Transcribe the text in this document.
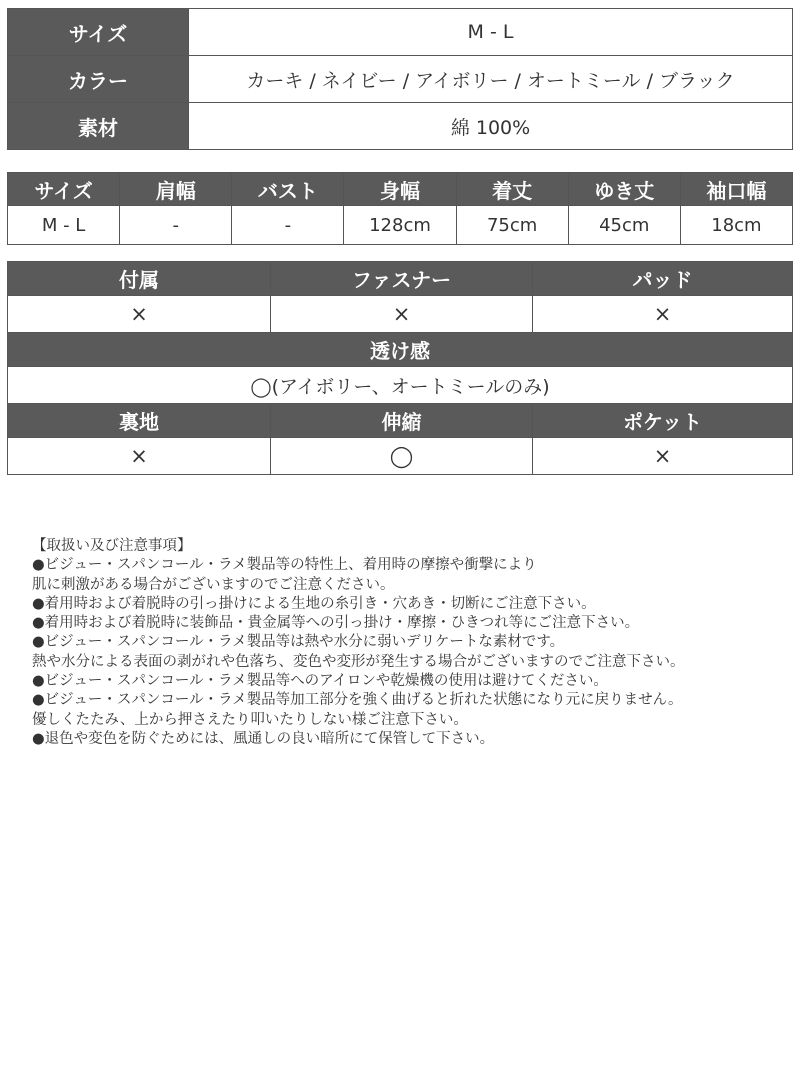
サイズ	M - L
カラー	カーキ / ネイビー / アイボリー / オートミール / ブラック
素材	綿 100%
サイズ	肩幅	バスト	身幅	着丈	ゆき丈	袖口幅
M - L	-	-	128cm	75cm	45cm	18cm
付属	ファスナー	パッド
×	×	×
透け感		
◯(アイボリー、オートミールのみ)		
裏地	伸縮	ポケット
×	◯	×
【取扱い及び注意事項】
●ビジュー・スパンコール・ラメ製品等の特性上、着用時の摩擦や衝撃により
肌に刺激がある場合がございますのでご注意ください。
●着用時および着脱時の引っ掛けによる生地の糸引き・穴あき・切断にご注意下さい。
●着用時および着脱時に装飾品・貴金属等への引っ掛け・摩擦・ひきつれ等にご注意下さい。
●ビジュー・スパンコール・ラメ製品等は熱や水分に弱いデリケートな素材です。
熱や水分による表面の剥がれや色落ち、変色や変形が発生する場合がございますのでご注意下さい。
●ビジュー・スパンコール・ラメ製品等へのアイロンや乾燥機の使用は避けてください。
●ビジュー・スパンコール・ラメ製品等加工部分を強く曲げると折れた状態になり元に戻りません。
優しくたたみ、上から押さえたり叩いたりしない様ご注意下さい。
●退色や変色を防ぐためには、風通しの良い暗所にて保管して下さい。
